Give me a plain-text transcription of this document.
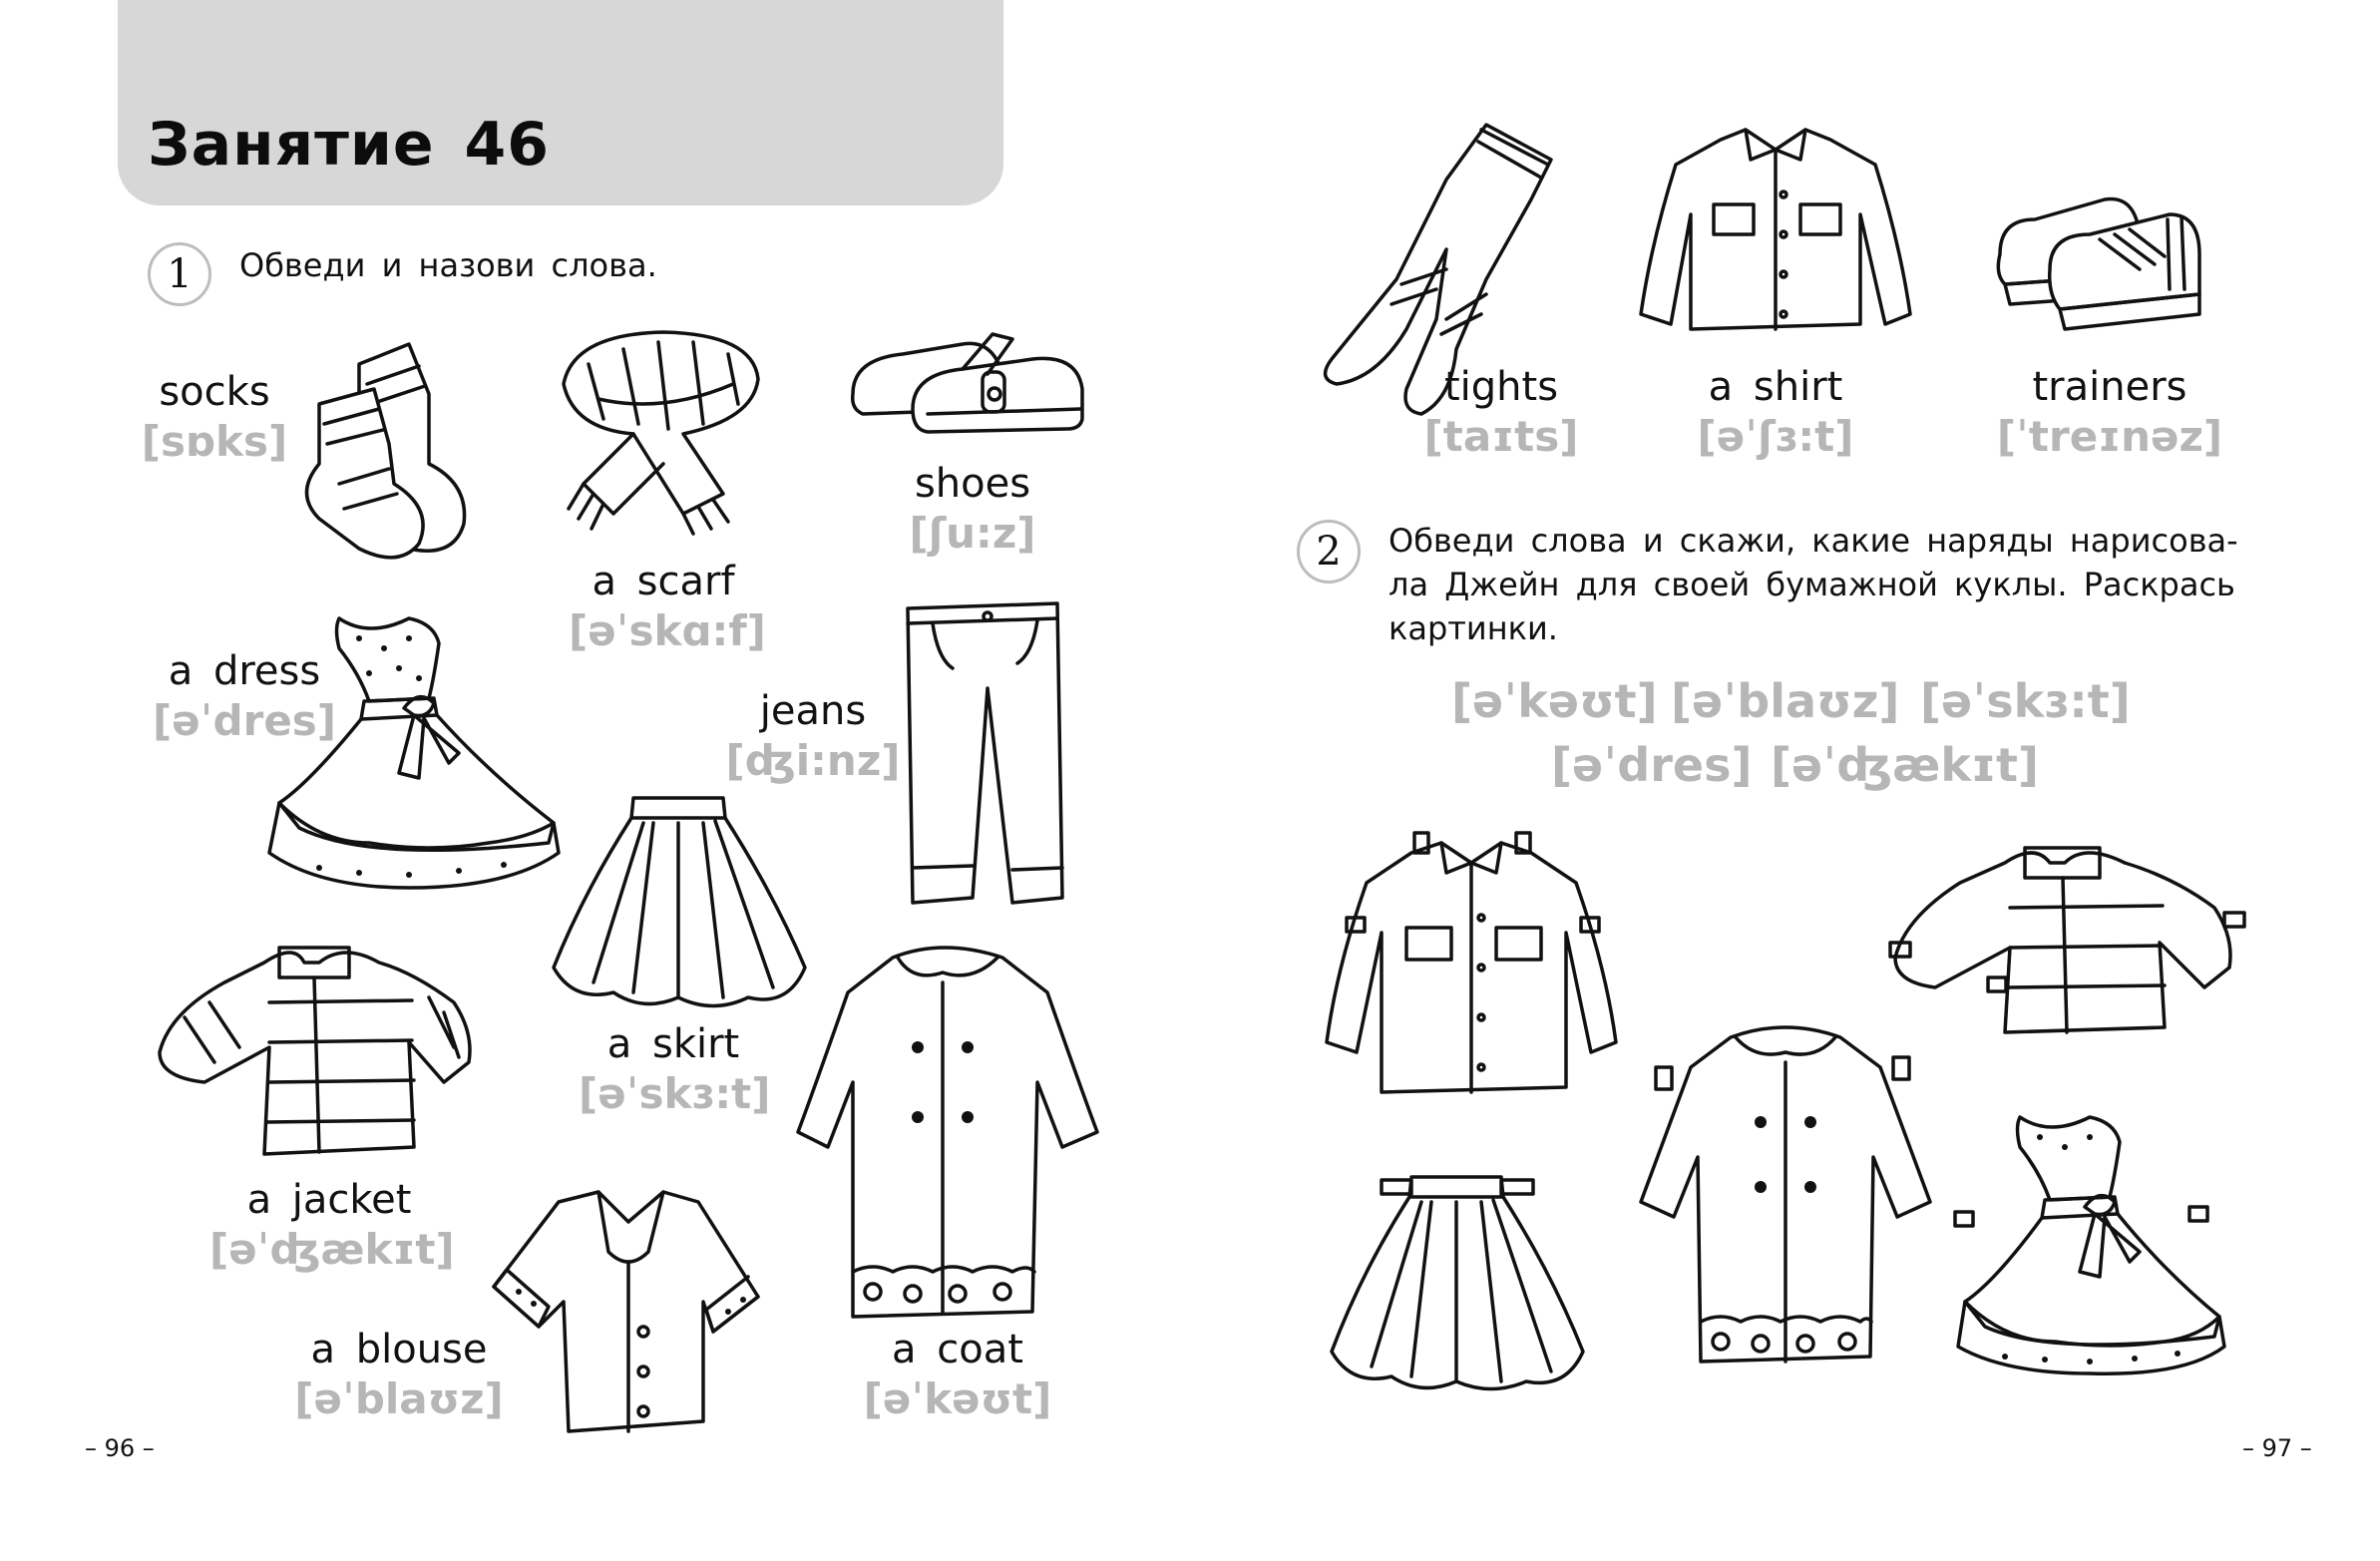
Занятие 46
1	Обведи и назови слова.
socks
[sɒks]
a scarf
[əˈskɑ:f]
shoes
[ʃu:z]
a dress
[əˈdres]	jeans
[ʤi:nz]
a skirt
[əˈskɜ:t]
a jacket
[əˈʤækɪt]
a blouse
[əˈblaʊz]
a coat
[əˈkəʊt]
– 96 –
tights
[taɪts]
a shirt
[əˈʃɜ:t]
trainers
[ˈtreɪnəz]
2	Обведи слова и скажи, какие наряды нарисова-
ла Джейн для своей бумажной куклы. Раскрась
картинки.
[əˈkəʊt] [əˈblaʊz] [əˈskɜ:t]
[əˈdres] [əˈʤækɪt]
– 97 –
